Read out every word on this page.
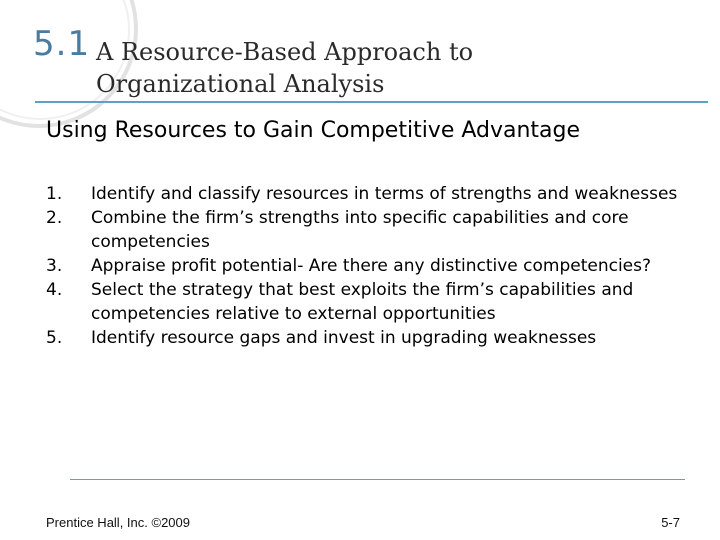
5.1 A Resource-Based Approach to Organizational Analysis
Using Resources to Gain Competitive Advantage
1.	Identify and classify resources in terms of strengths and weaknesses
2.	Combine the firm’s strengths into specific capabilities and core competencies
3.	Appraise profit potential- Are there any distinctive competencies?
4.	Select the strategy that best exploits the firm’s capabilities and competencies relative to external opportunities
5.	Identify resource gaps and invest in upgrading weaknesses
Prentice Hall, Inc. ©2009	5-7
